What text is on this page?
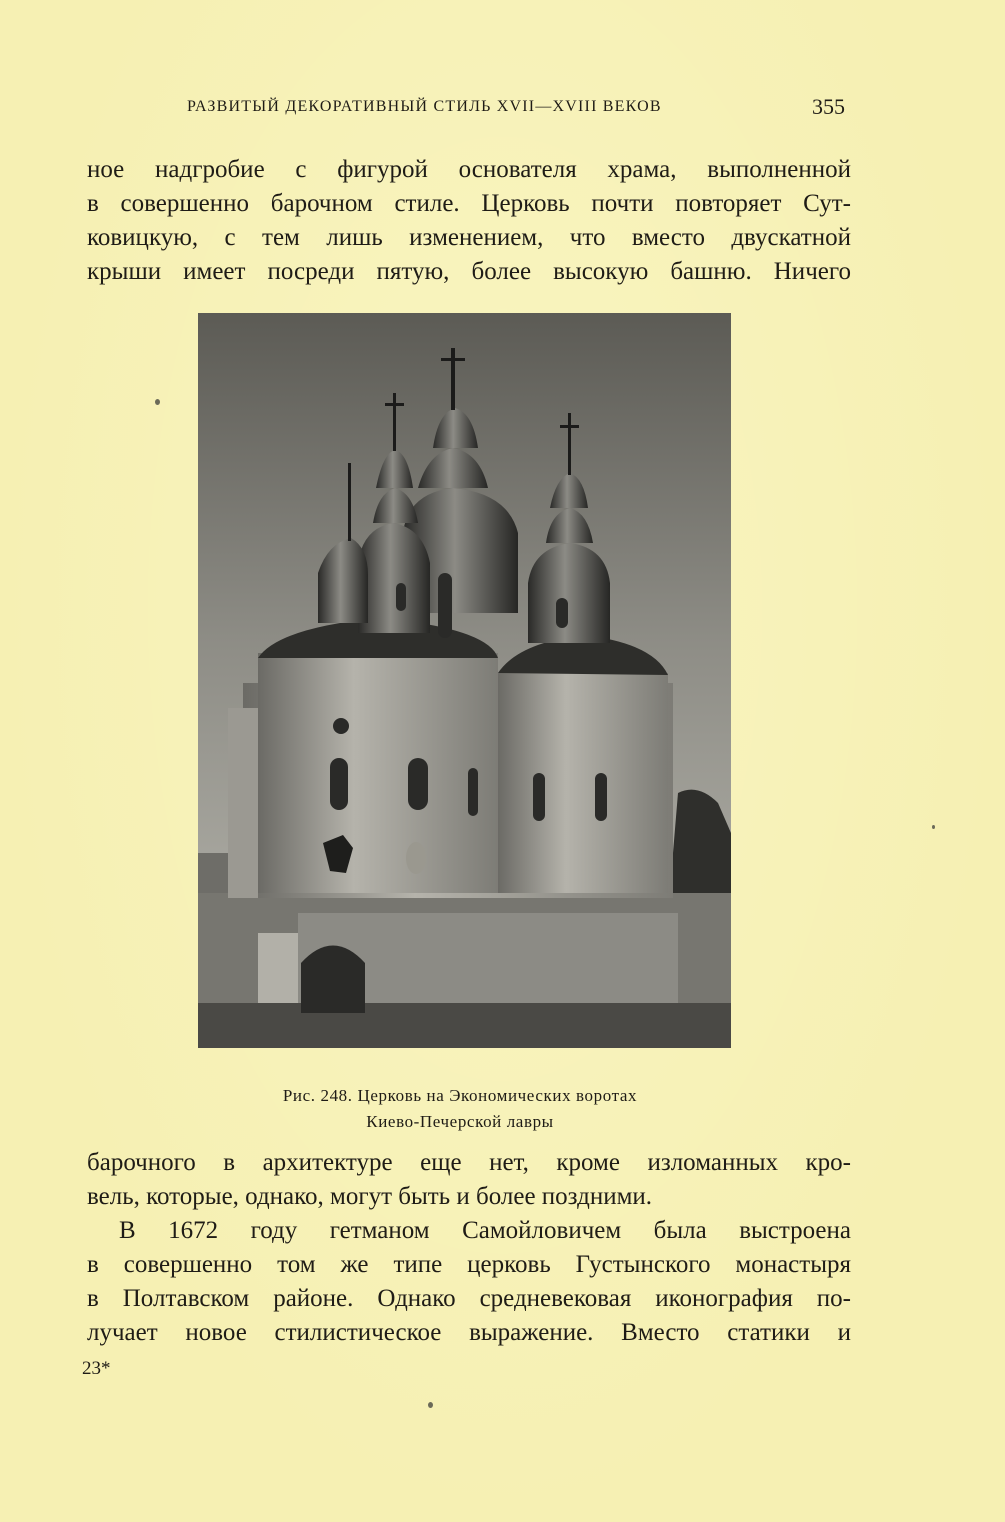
РАЗВИТЫЙ ДЕКОРАТИВНЫЙ СТИЛЬ XVII—XVIII ВЕКОВ	355
ное надгробие с фигурой основателя храма, выполненной
в совершенно барочном стиле. Церковь почти повторяет Сут-
ковицкую, с тем лишь изменением, что вместо двускатной
крыши имеет посреди пятую, более высокую башню. Ничего
Рис. 248. Церковь на Экономических воротах
Киево-Печерской лавры
барочного в архитектуре еще нет, кроме изломанных кро-
вель, которые, однако, могут быть и более поздними.
В 1672 году гетманом Самойловичем была выстроена
в совершенно том же типе церковь Густынского монастыря
в Полтавском районе. Однако средневековая иконография по-
лучает новое стилистическое выражение. Вместо статики и
23*
